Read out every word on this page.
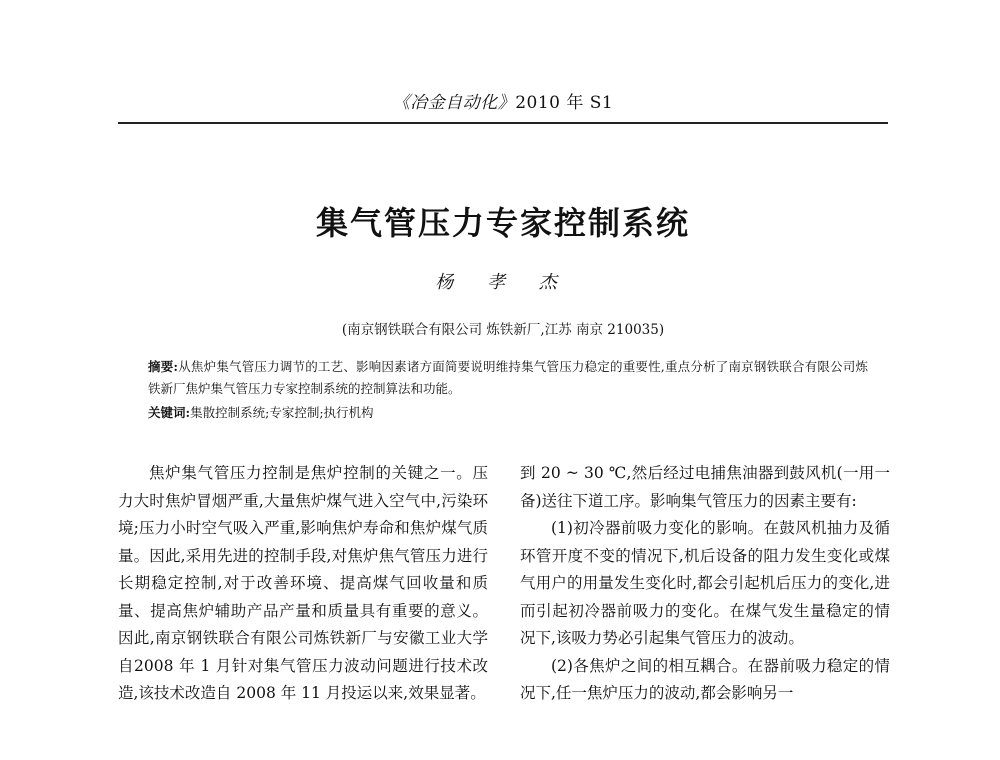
《冶金自动化》2010 年 S1
集气管压力专家控制系统
杨 孝 杰
(南京钢铁联合有限公司 炼铁新厂,江苏 南京 210035)
摘要:从焦炉集气管压力调节的工艺、影响因素诸方面简要说明维持集气管压力稳定的重要性,重点分析了南京钢铁联合有限公司炼铁新厂焦炉集气管压力专家控制系统的控制算法和功能。
关键词:集散控制系统;专家控制;执行机构

焦炉集气管压力控制是焦炉控制的关键之一。压力大时焦炉冒烟严重,大量焦炉煤气进入空气中,污染环境;压力小时空气吸入严重,影响焦炉寿命和焦炉煤气质量。因此,采用先进的控制手段,对焦炉焦气管压力进行长期稳定控制,对于改善环境、提高煤气回收量和质量、提高焦炉辅助产品产量和质量具有重要的意义。因此,南京钢铁联合有限公司炼铁新厂与安徽工业大学自2008 年 1 月针对集气管压力波动问题进行技术改造,该技术改造自 2008 年 11 月投运以来,效果显著。

到 20 ~ 30 ℃,然后经过电捕焦油器到鼓风机(一用一备)送往下道工序。影响集气管压力的因素主要有:

(1)初冷器前吸力变化的影响。在鼓风机抽力及循环管开度不变的情况下,机后设备的阻力发生变化或煤气用户的用量发生变化时,都会引起机后压力的变化,进而引起初冷器前吸力的变化。在煤气发生量稳定的情况下,该吸力势必引起集气管压力的波动。

(2)各焦炉之间的相互耦合。在器前吸力稳定的情况下,任一焦炉压力的波动,都会影响另一
